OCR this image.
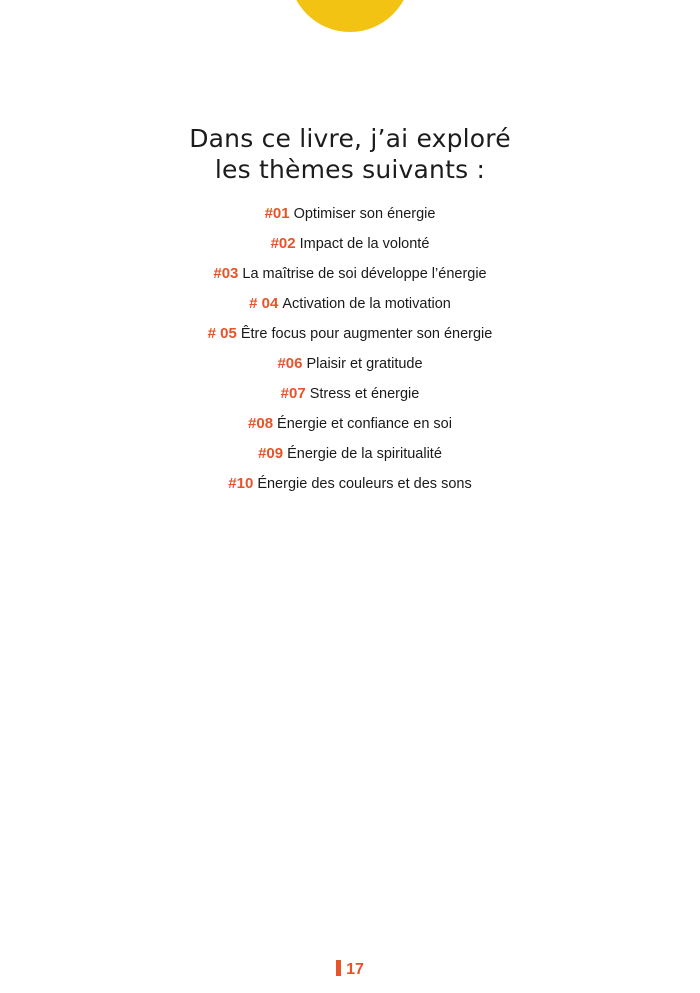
Dans ce livre, j’ai exploré
les thèmes suivants :
#01 Optimiser son énergie
#02 Impact de la volonté
#03 La maîtrise de soi développe l’énergie
# 04 Activation de la motivation
# 05 Être focus pour augmenter son énergie
#06 Plaisir et gratitude
#07 Stress et énergie
#08 Énergie et confiance en soi
#09 Énergie de la spiritualité
#10 Énergie des couleurs et des sons
17
